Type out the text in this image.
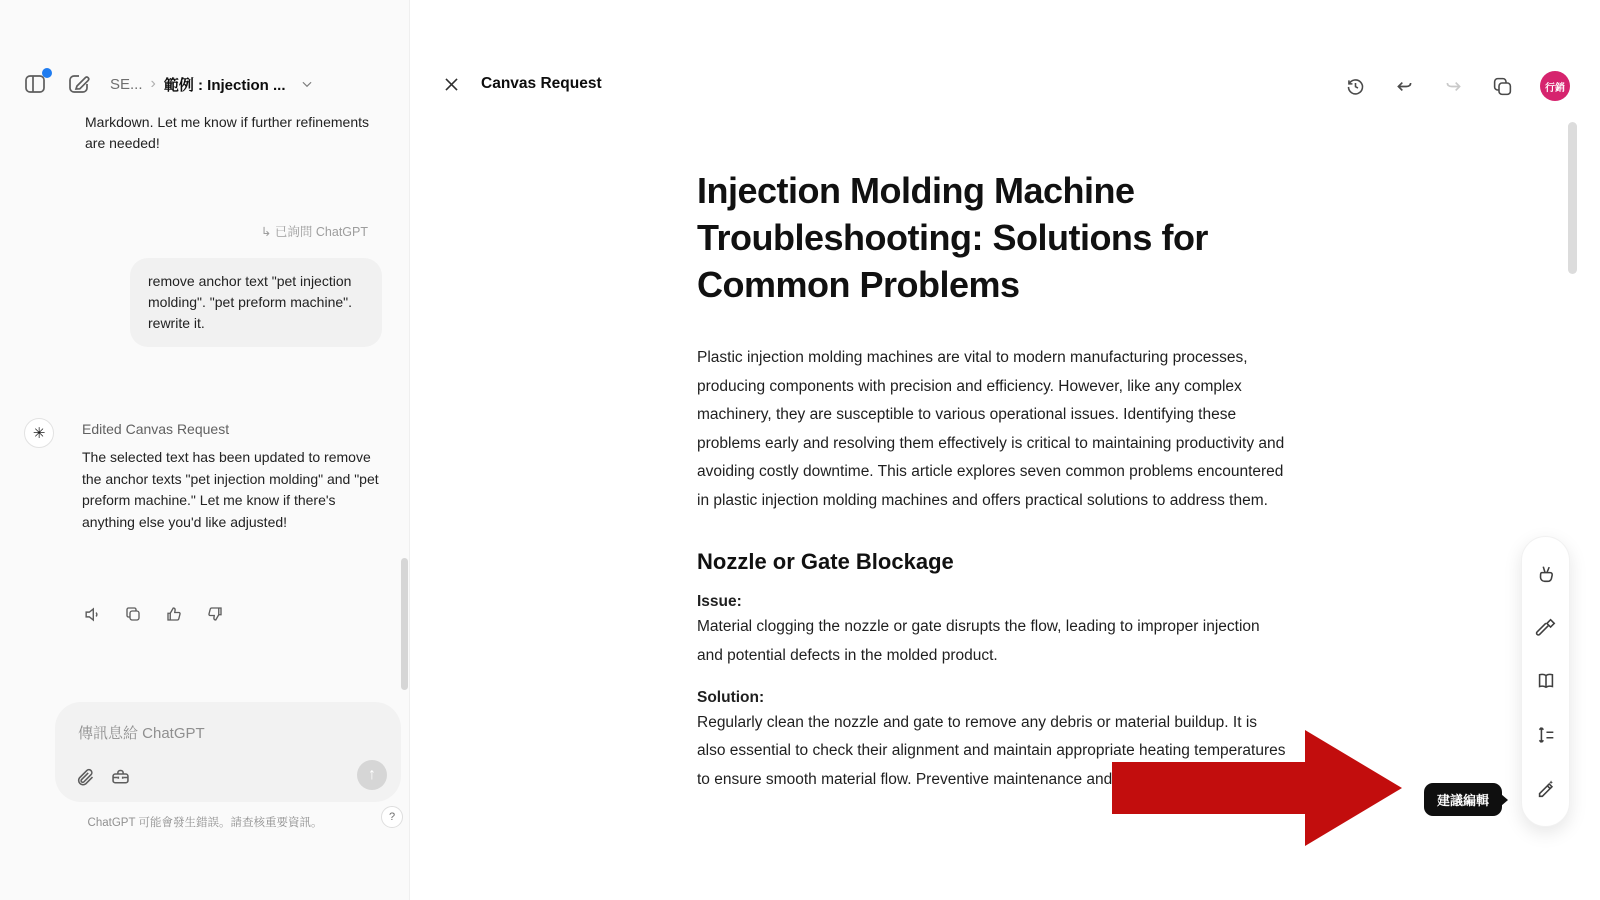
SE... › 範例 : Injection ...
Markdown. Let me know if further refinements are needed!
↳ 已詢問 ChatGPT
remove anchor text "pet injection molding". "pet preform machine". rewrite it.
✳	Edited Canvas Request
The selected text has been updated to remove the anchor texts "pet injection molding" and "pet preform machine." Let me know if there's anything else you'd like adjusted!
傳訊息給 ChatGPT
↑
ChatGPT 可能會發生錯誤。請查核重要資訊。	?
Canvas Request	行銷
Injection Molding Machine Troubleshooting: Solutions for Common Problems

Plastic injection molding machines are vital to modern manufacturing processes, producing components with precision and efficiency. However, like any complex machinery, they are susceptible to various operational issues. Identifying these problems early and resolving them effectively is critical to maintaining productivity and avoiding costly downtime. This article explores seven common problems encountered in plastic injection molding machines and offers practical solutions to address them.

Nozzle or Gate Blockage

Issue:

Material clogging the nozzle or gate disrupts the flow, leading to improper injection and potential defects in the molded product.

Solution:

Regularly clean the nozzle and gate to remove any debris or material buildup. It is also essential to check their alignment and maintain appropriate heating temperatures to ensure smooth material flow. Preventive maintenance and

建議編輯
